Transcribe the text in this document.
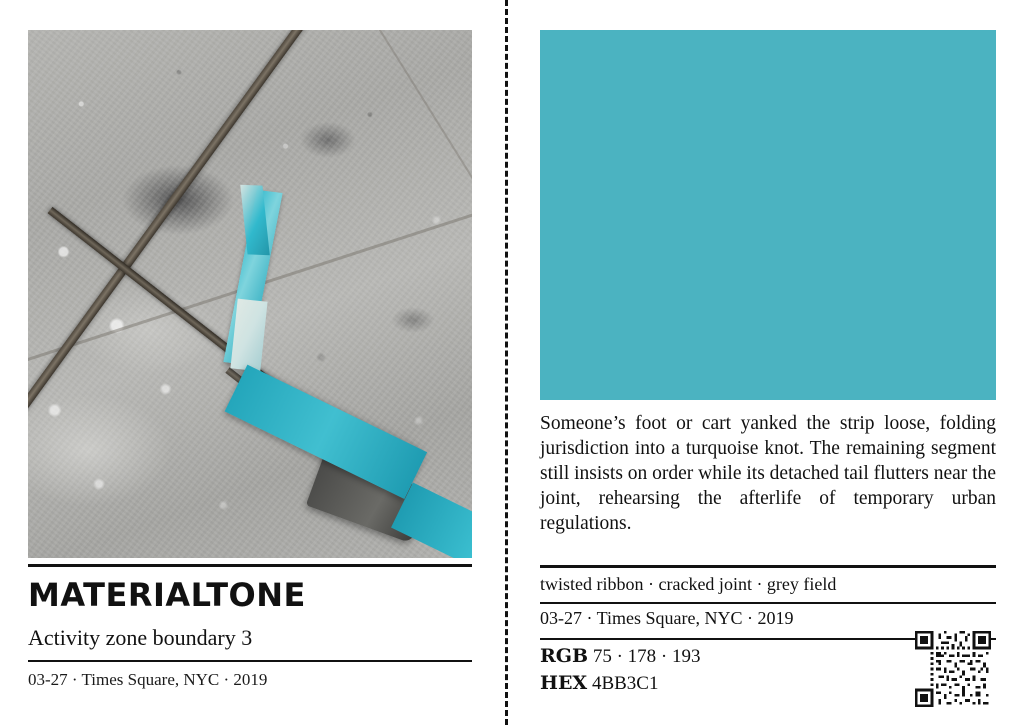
MATERIALTONE
Activity zone boundary 3
03-27 · Times Square, NYC · 2019
Someone’s foot or cart yanked the strip loose, folding jurisdiction into a turquoise knot. The remaining segment still insists on order while its detached tail flutters near the joint, rehearsing the afterlife of temporary urban regulations.
twisted ribbon · cracked joint · grey field
03-27 · Times Square, NYC · 2019
RGB 75 · 178 · 193
HEX 4BB3C1
